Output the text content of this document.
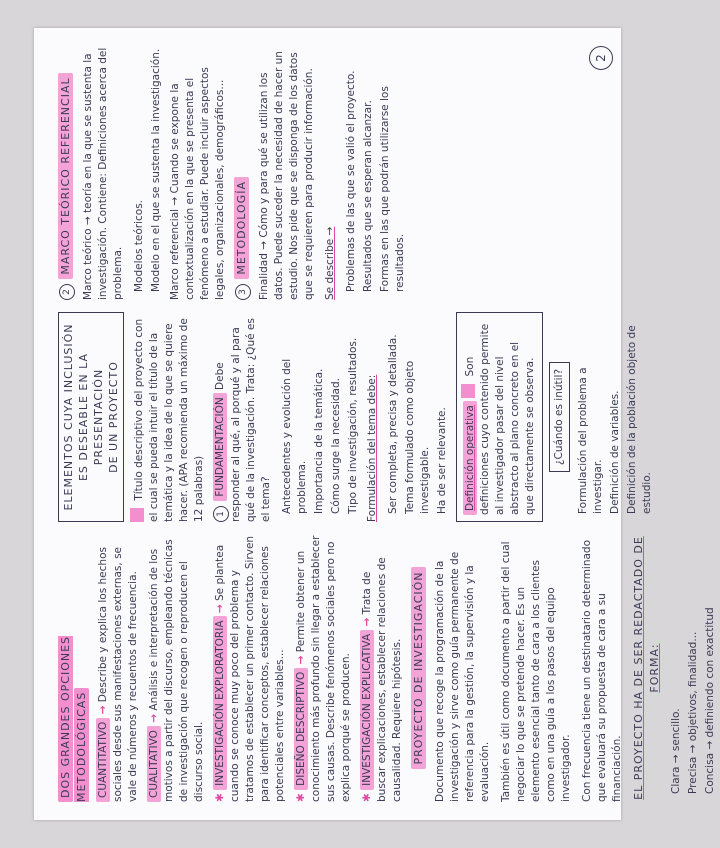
DOS GRANDES OPCIONES METODOLÓGICAS CUANTITATIVO → Describe y explica los hechos sociales desde sus manifestaciones externas, se vale de números y recuentos de frecuencia. CUALITATIVO → Análisis e interpretación de los motivos a partir del discurso, empleando técnicas de investigación que recogen o reproducen el discurso social. ✱ INVESTIGACIÓN EXPLORATORIA → Se plantea cuando se conoce muy poco del problema y tratamos de establecer un primer contacto. Sirven para identificar conceptos, establecer relaciones potenciales entre variables... ✱ DISEÑO DESCRIPTIVO → Permite obtener un conocimiento más profundo sin llegar a establecer sus causas. Describe fenómenos sociales pero no explica porqué se producen. ✱ INVESTIGACIÓN EXPLICATIVA → Trata de buscar explicaciones, establecer relaciones de causalidad. Requiere hipótesis. PROYECTO DE INVESTIGACIÓN Documento que recoge la programación de la investigación y sirve como guía permanente de referencia para la gestión, la supervisión y la evaluación. También es útil como documento a partir del cual negociar lo que se pretende hacer. Es un elemento esencial tanto de cara a los clientes como en una guía a los pasos del equipo investigador. Con frecuencia tiene un destinatario determinado que evaluará su propuesta de cara a su financiación. EL PROYECTO HA DE SER REDACTADO DE FORMA:
Clara → sencillo. Precisa → objetivos, finalidad... Concisa → definiendo con exactitud
ELEMENTOS CUYA INCLUSIÓN ES DESEABLE EN LA PRESENTACIÓN DE UN PROYECTO Título descriptivo del proyecto con el cual se pueda intuir el título de la temática y la idea de lo que se quiere hacer. (APA recomienda un máximo de 12 palabras)	1 FUNDAMENTACIÓN Debe responder al qué, al porqué y al para qué de la investigación. Trata: ¿Qué es el tema? Antecedentes y evolución del problema. Importancia de la temática. Cómo surge la necesidad. Tipo de investigación, resultados. Formulación del tema debe: Ser completa, precisa y detallada. Tema formulado como objeto investigable. Ha de ser relevante.	Definición operativa  Son definiciones cuyo contenido permite al investigador pasar del nivel abstracto al plano concreto en el que directamente se observa.	¿Cuándo es inútil?	Formulación del problema a investigar. Definición de variables. Definición de la población objeto de estudio.
2 MARCO TEÓRICO REFERENCIAL Marco teórico → teoría en la que se sustenta la investigación. Contiene: Definiciones acerca del problema. Modelos teóricos. Modelo en el que se sustenta la investigación. Marco referencial → Cuando se expone la contextualización en la que se presenta el fenómeno a estudiar. Puede incluir aspectos legales, organizacionales, demográficos...	3 METODOLOGÍA Finalidad → Cómo y para qué se utilizan los datos. Puede suceder la necesidad de hacer un estudio. Nos pide que se disponga de los datos que se requieren para producir información. Se describe → Problemas de las que se valió el proyecto. Resultados que se esperan alcanzar. Formas en las que podrán utilizarse los resultados.
2
